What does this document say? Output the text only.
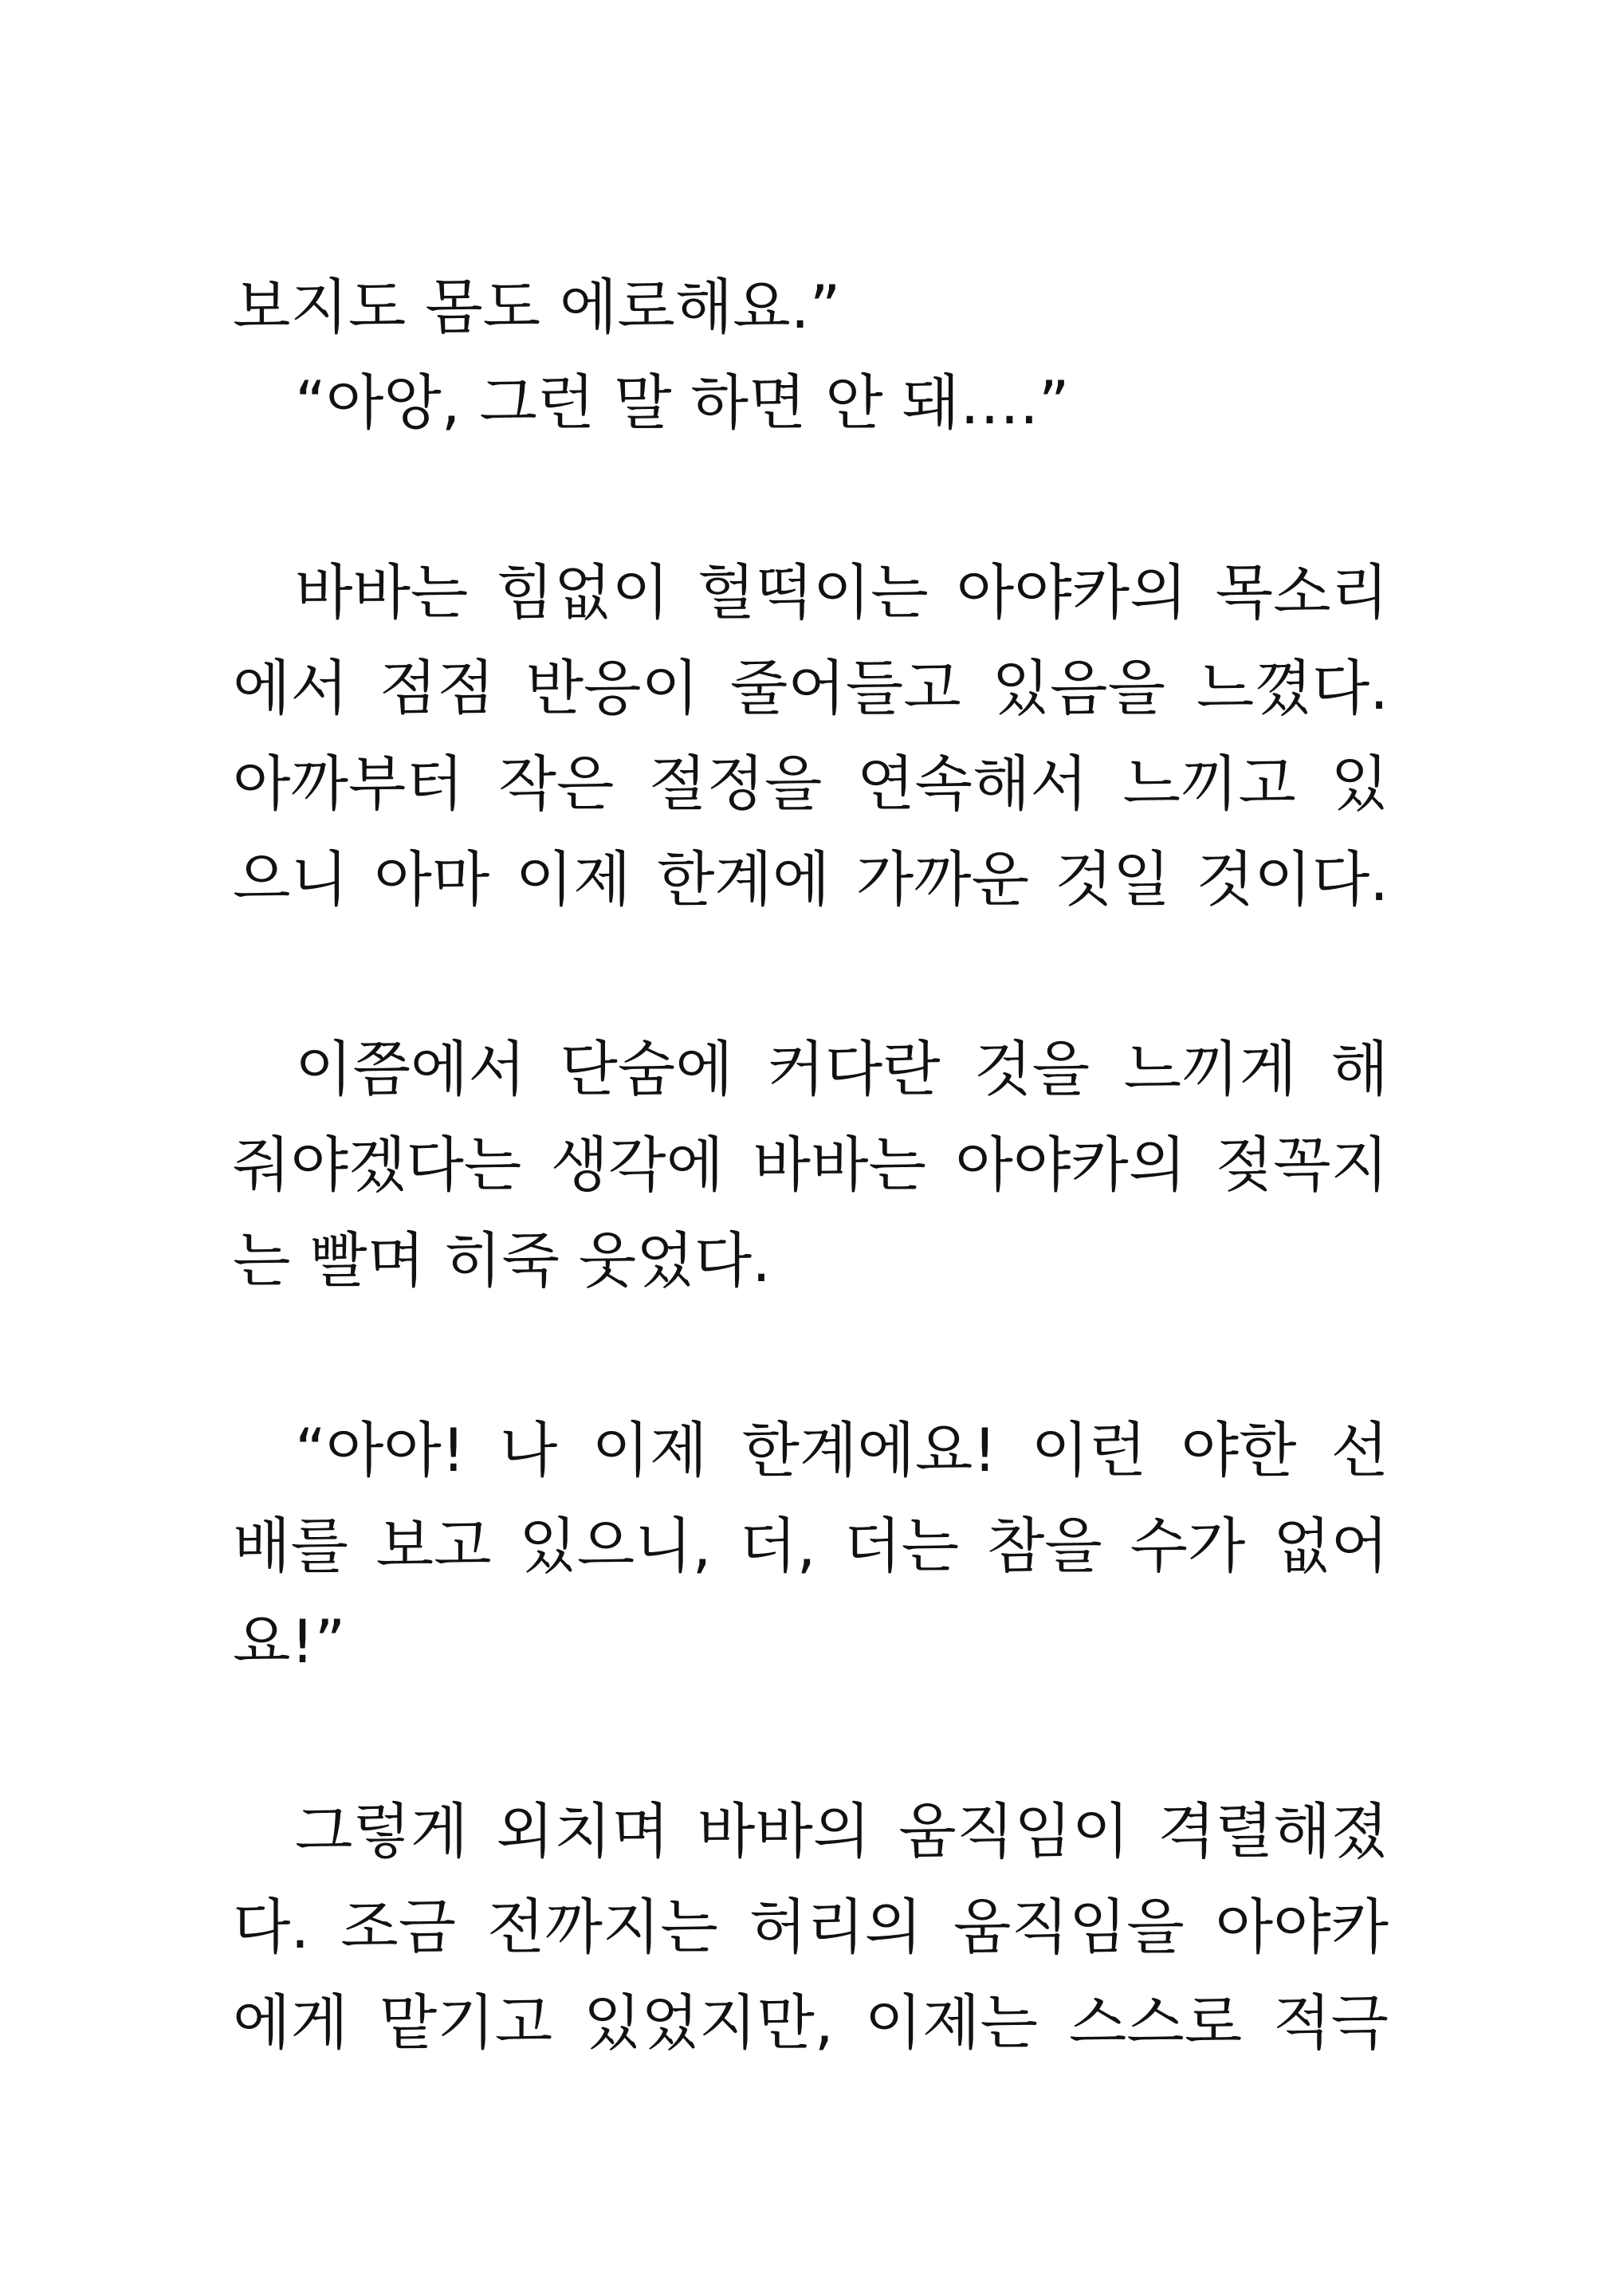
보지도 몸도 에로해요.”
“아앙, 그런 말 하면 안 돼….”
바바는 힘없이 헐떡이는 아야카의 목소리
에서 점점 반응이 줄어들고 있음을 느꼈다.
아까부터 작은 절정을 연속해서 느끼고 있
으니 아마 이제 한계에 가까운 것일 것이다.
이쯤에서 단숨에 커다란 것을 느끼게 해
줘야겠다는 생각에 바바는 아야카의 젖꼭지
는 빨며 히죽 웃었다.
“아아! 나 이제 한계에요! 이런 야한 선
배를 보고 있으니, 더, 더는 참을 수가 없어
요!”
그렇게 외치며 바바의 움직임이 격렬해졌
다. 조금 전까지는 허리의 움직임을 아야카
에게 맡기고 있었지만, 이제는 스스로 적극
